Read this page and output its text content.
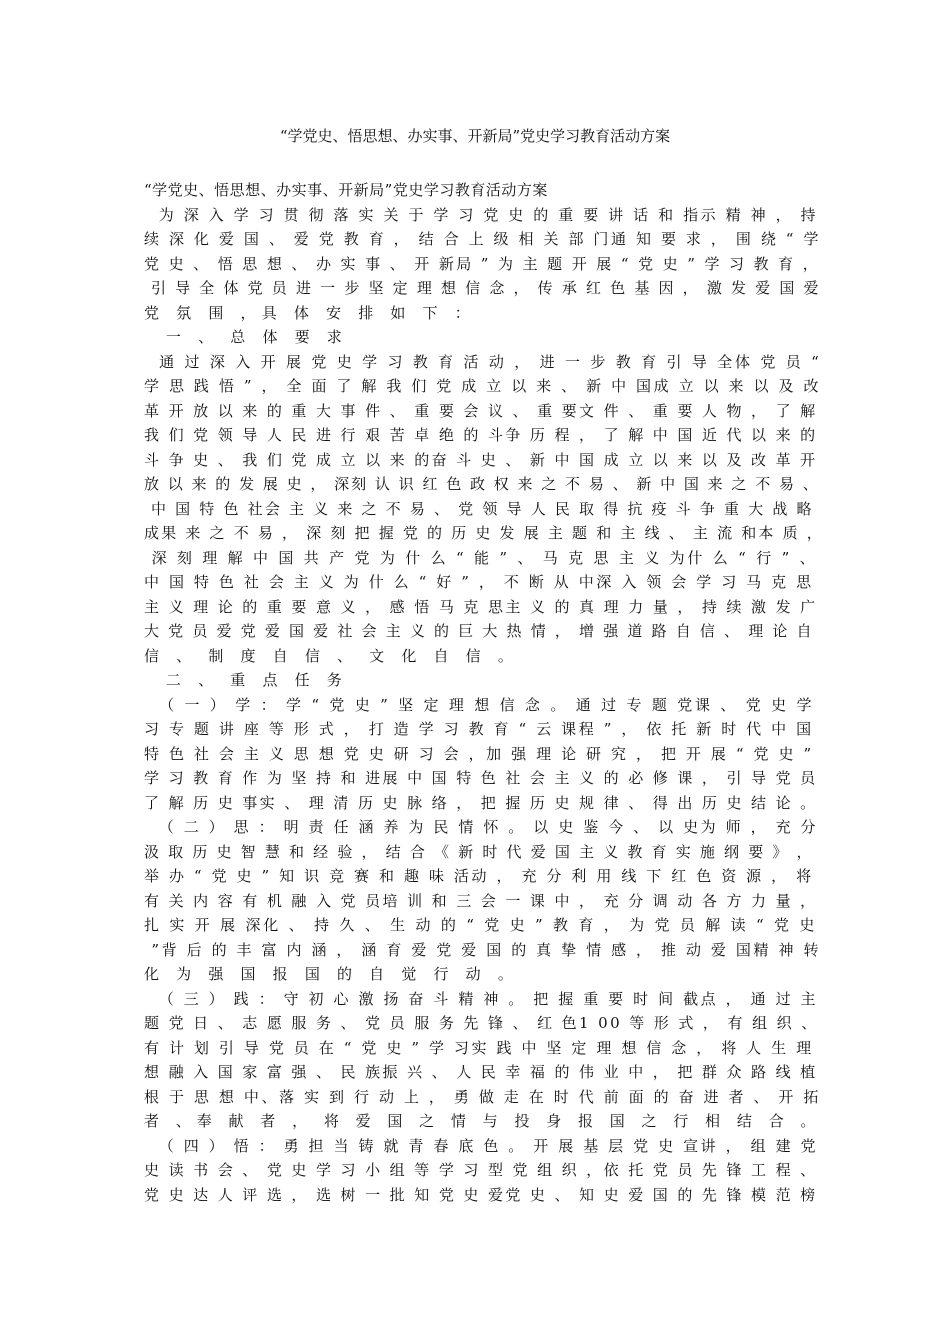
“学党史、悟思想、办实事、开新局”党史学习教育活动方案
“学党史、悟思想、办实事、开新局”党史学习教育活动方案
为 深 入 学 习 贯 彻 落 实 关 于 学 习 党 史 的 重 要 讲 话 和 指示 精 神 ， 持
续 深 化 爱 国 、 爱 党 教 育 ， 结 合 上 级 相 关 部 门通 知 要 求 ， 围 绕 “ 学
党 史 、 悟 思 想 、 办 实 事 、 开 新局 ” 为 主 题 开 展 “ 党 史 ” 学 习 教 育 ，
引 导 全 体 党 员 进 一 步 坚 定 理 想 信 念 ， 传 承 红 色 基 因 ， 激 发 爱 国 爱
党 氛 围 ，具 体 安 排 如 下 ：
一 、 总 体 要 求
通 过 深 入 开 展 党 史 学 习 教 育 活 动 ， 进 一 步 教 育 引 导 全体 党 员 “
学 思 践 悟 ” ， 全 面 了 解 我 们 党 成 立 以 来 、 新 中 国成 立 以 来 以 及 改
革 开 放 以 来 的 重 大 事 件 、 重 要 会 议 、 重 要文 件 、 重 要 人 物 ， 了 解
我 们 党 领 导 人 民 进 行 艰 苦 卓 绝 的 斗争 历 程 ， 了 解 中 国 近 代 以 来 的
斗 争 史 、 我 们 党 成 立 以 来 的奋 斗 史 、 新 中 国 成 立 以 来 以 及 改 革 开
放 以 来 的 发 展 史 ， 深刻 认 识 红 色 政 权 来 之 不 易 、 新 中 国 来 之 不 易 、
中 国 特 色 社会 主 义 来 之 不 易 、 党 领 导 人 民 取 得 抗 疫 斗 争 重 大 战 略
成果 来 之 不 易 ， 深 刻 把 握 党 的 历 史 发 展 主 题 和 主 线 、 主 流 和本 质 ，
深 刻 理 解 中 国 共 产 党 为 什 么 “ 能 ” 、 马 克 思 主 义 为什 么 “ 行 ” 、
中 国 特 色 社 会 主 义 为 什 么 “ 好 ” ， 不 断 从 中深 入 领 会 学 习 马 克 思
主 义 理 论 的 重 要 意 义 ， 感 悟 马 克 思主 义 的 真 理 力 量 ， 持 续 激 发 广
大 党 员 爱 党 爱 国 爱 社 会 主 义 的 巨 大 热 情 ， 增 强 道 路 自 信 、 理 论 自
信 、 制 度 自 信 、 文 化 自 信 。
二 、 重 点 任 务
（ 一 ） 学 ： 学 “ 党 史 ” 坚 定 理 想 信 念 。 通 过 专 题 党课 、 党 史 学
习 专 题 讲 座 等 形 式 ， 打 造 学 习 教 育 “ 云 课程 ” ， 依 托 新 时 代 中 国
特 色 社 会 主 义 思 想 党 史 研 习 会 ，加 强 理 论 研 究 ， 把 开 展 “ 党 史 ”
学 习 教 育 作 为 坚 持 和 进展 中 国 特 色 社 会 主 义 的 必 修 课 ， 引 导 党 员
了 解 历 史 事实 、 理 清 历 史 脉 络 ， 把 握 历 史 规 律 、 得 出 历 史 结 论 。
（ 二 ） 思 ： 明 责 任 涵 养 为 民 情 怀 。 以 史 鉴 今 、 以 史为 师 ， 充 分
汲 取 历 史 智 慧 和 经 验 ， 结 合 《 新 时 代 爱 国 主 义 教 育 实 施 纲 要 》 ，
举 办 “ 党 史 ” 知 识 竞 赛 和 趣 味 活动 ， 充 分 利 用 线 下 红 色 资 源 ， 将
有 关 内 容 有 机 融 入 党 员培 训 和 三 会 一 课 中 ， 充 分 调 动 各 方 力 量 ，
扎 实 开 展 深化 、 持 久 、 生 动 的 “ 党 史 ” 教 育 ， 为 党 员 解 读 “ 党 史
”背 后 的 丰 富 内 涵 ， 涵 育 爱 党 爱 国 的 真 挚 情 感 ， 推 动 爱 国精 神 转
化 为 强 国 报 国 的 自 觉 行 动 。
（ 三 ） 践 ： 守 初 心 激 扬 奋 斗 精 神 。 把 握 重 要 时 间 截点 ， 通 过 主
题 党 日 、 志 愿 服 务 、 党 员 服 务 先 锋 、 红 色1 00 等 形 式 ， 有 组 织 、
有 计 划 引 导 党 员 在 “ 党 史 ” 学 习实 践 中 坚 定 理 想 信 念 ， 将 人 生 理
想 融 入 国 家 富 强 、 民 族振 兴 、 人 民 幸 福 的 伟 业 中 ， 把 群 众 路 线 植
根 于 思 想 中、落 实 到 行 动 上 ， 勇 做 走 在 时 代 前 面 的 奋 进 者 、 开 拓
者 、奉 献 者 ， 将 爱 国 之 情 与 投 身 报 国 之 行 相 结 合 。
（ 四 ） 悟 ： 勇 担 当 铸 就 青 春 底 色 。 开 展 基 层 党 史 宣讲 ， 组 建 党
史 读 书 会 、 党 史 学 习 小 组 等 学 习 型 党 组 织 ，依 托 党 员 先 锋 工 程 、
党 史 达 人 评 选 ， 选 树 一 批 知 党 史 爱党 史 、 知 史 爱 国 的 先 锋 模 范 榜
